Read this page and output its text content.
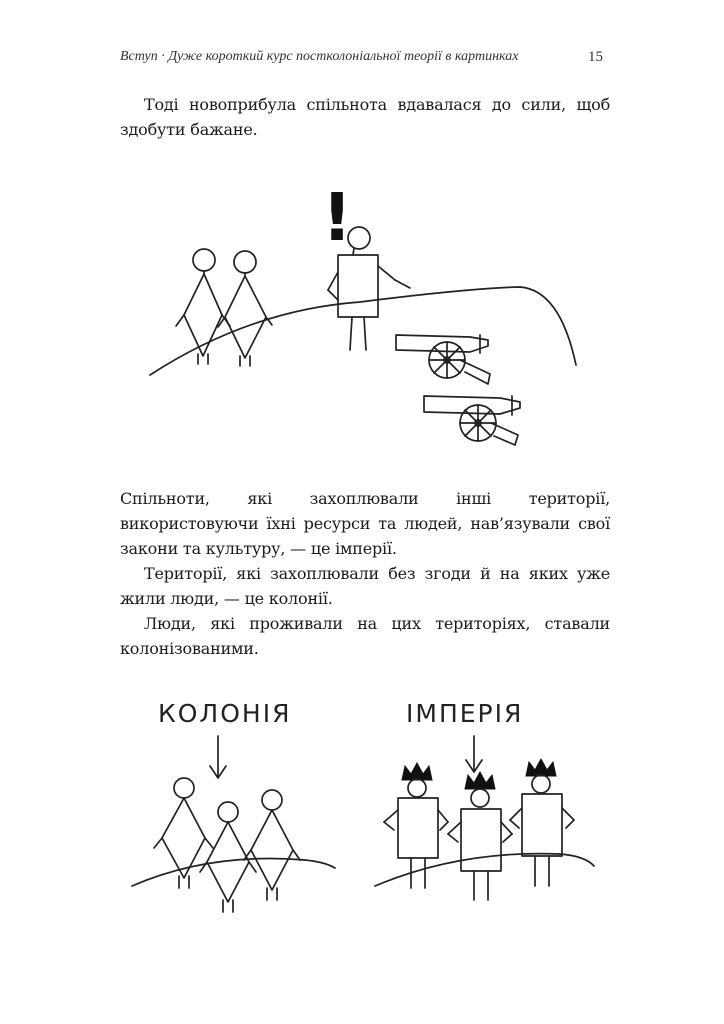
Вступ · Дуже короткий курс постколоніальної теорії в картинках	15

Тоді новоприбула спільнота вдавалася до сили, щоб здобути бажане.

!

Спільноти, які захоплювали інші території, використовуючи їхні ресурси та людей, нав’язували свої закони та культуру, — це імперії.

Території, які захоплювали без згоди й на яких уже жили люди, — це колонії.

Люди, які проживали на цих територіях, ставали колонізованими.

КОЛОНІЯ	ІМПЕРІЯ
